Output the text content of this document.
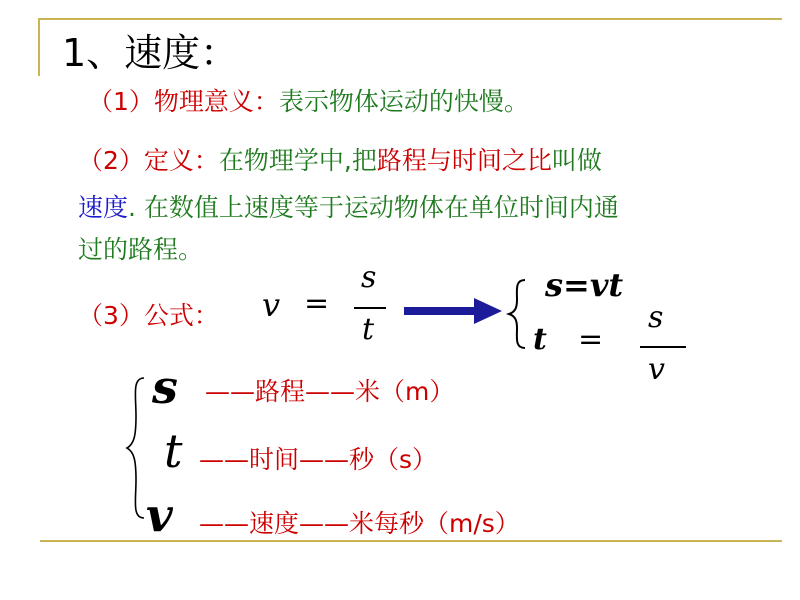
1、速度：
（1）物理意义：表示物体运动的快慢。
（2）定义：在物理学中,把路程与时间之比叫做
速度. 在数值上速度等于运动物体在单位时间内通
过的路程。
（3）公式： v =
s
t
s=vt
t =
s
v
s ——路程——米（m）
t ——时间——秒（s）
v ——速度——米每秒（m/s）
